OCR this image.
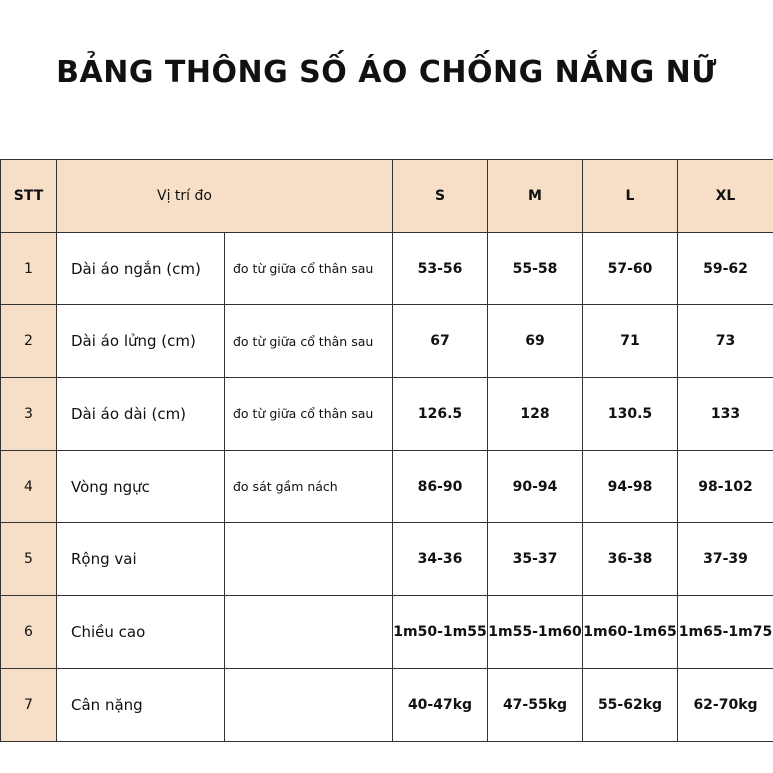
BẢNG THÔNG SỐ ÁO CHỐNG NẮNG NỮ
STT	Vị trí đo		S	M	L	XL
1	Dài áo ngắn (cm)	đo từ giữa cổ thân sau	53-56	55-58	57-60	59-62
2	Dài áo lửng (cm)	đo từ giữa cổ thân sau	67	69	71	73
3	Dài áo dài (cm)	đo từ giữa cổ thân sau	126.5	128	130.5	133
4	Vòng ngực	đo sát gầm nách	86-90	90-94	94-98	98-102
5	Rộng vai		34-36	35-37	36-38	37-39
6	Chiều cao		1m50-1m55	1m55-1m60	1m60-1m65	1m65-1m75
7	Cân nặng		40-47kg	47-55kg	55-62kg	62-70kg
